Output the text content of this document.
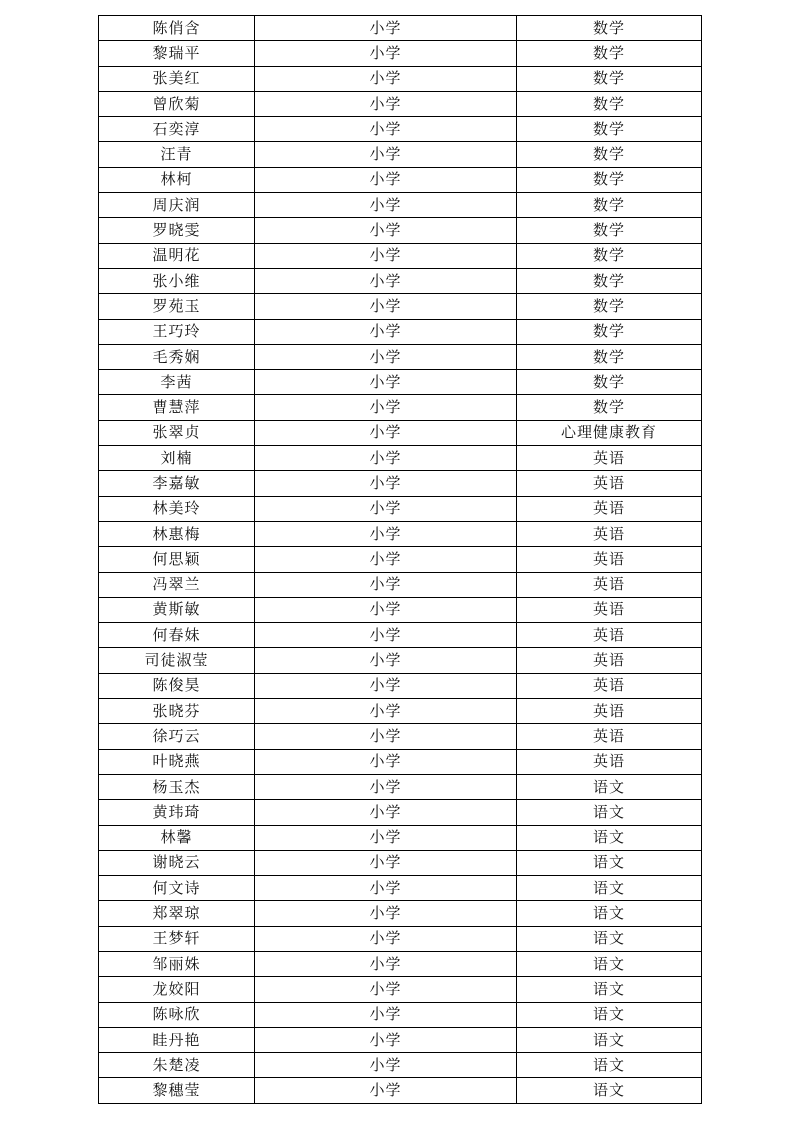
陈俏含	小学	数学
黎瑞平	小学	数学
张美红	小学	数学
曾欣菊	小学	数学
石奕淳	小学	数学
汪青	小学	数学
林柯	小学	数学
周庆润	小学	数学
罗晓雯	小学	数学
温明花	小学	数学
张小维	小学	数学
罗苑玉	小学	数学
王巧玲	小学	数学
毛秀娴	小学	数学
李茜	小学	数学
曹慧萍	小学	数学
张翠贞	小学	心理健康教育
刘楠	小学	英语
李嘉敏	小学	英语
林美玲	小学	英语
林惠梅	小学	英语
何思颖	小学	英语
冯翠兰	小学	英语
黄斯敏	小学	英语
何春妹	小学	英语
司徒淑莹	小学	英语
陈俊昊	小学	英语
张晓芬	小学	英语
徐巧云	小学	英语
叶晓燕	小学	英语
杨玉杰	小学	语文
黄玮琦	小学	语文
林馨	小学	语文
谢晓云	小学	语文
何文诗	小学	语文
郑翠琼	小学	语文
王梦轩	小学	语文
邹丽姝	小学	语文
龙姣阳	小学	语文
陈咏欣	小学	语文
眭丹艳	小学	语文
朱楚凌	小学	语文
黎穗莹	小学	语文
